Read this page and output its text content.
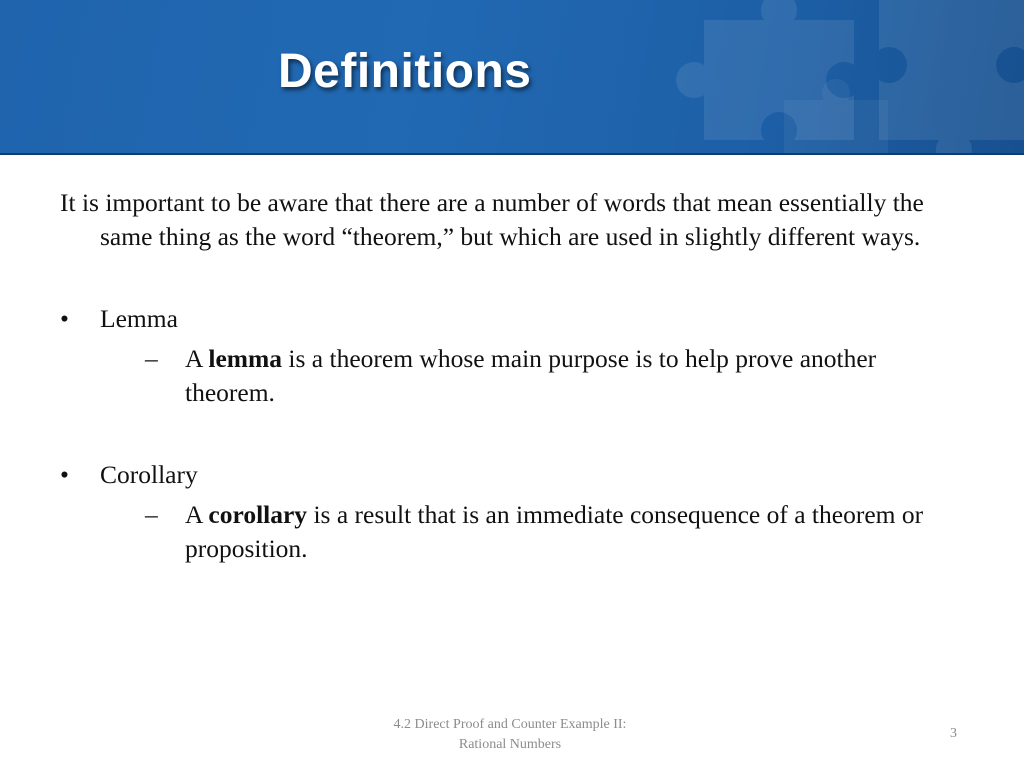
Definitions

It is important to be aware that there are a number of words that mean essentially the same thing as the word “theorem,” but which are used in slightly different ways.

• Lemma
– A lemma is a theorem whose main purpose is to help prove another theorem.
• Corollary
– A corollary is a result that is an immediate consequence of a theorem or proposition.
4.2 Direct Proof and Counter Example II:
Rational Numbers
3
